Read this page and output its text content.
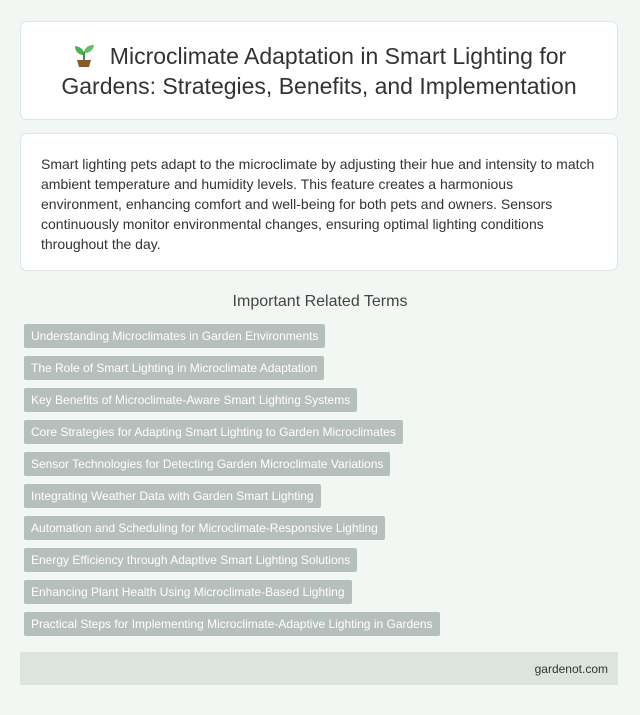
Microclimate Adaptation in Smart Lighting for Gardens: Strategies, Benefits, and Implementation

Smart lighting pets adapt to the microclimate by adjusting their hue and intensity to match ambient temperature and humidity levels. This feature creates a harmonious environment, enhancing comfort and well-being for both pets and owners. Sensors continuously monitor environmental changes, ensuring optimal lighting conditions throughout the day.

Important Related Terms
Understanding Microclimates in Garden Environments
The Role of Smart Lighting in Microclimate Adaptation
Key Benefits of Microclimate-Aware Smart Lighting Systems
Core Strategies for Adapting Smart Lighting to Garden Microclimates
Sensor Technologies for Detecting Garden Microclimate Variations
Integrating Weather Data with Garden Smart Lighting
Automation and Scheduling for Microclimate-Responsive Lighting
Energy Efficiency through Adaptive Smart Lighting Solutions
Enhancing Plant Health Using Microclimate-Based Lighting
Practical Steps for Implementing Microclimate-Adaptive Lighting in Gardens
gardenot.com
